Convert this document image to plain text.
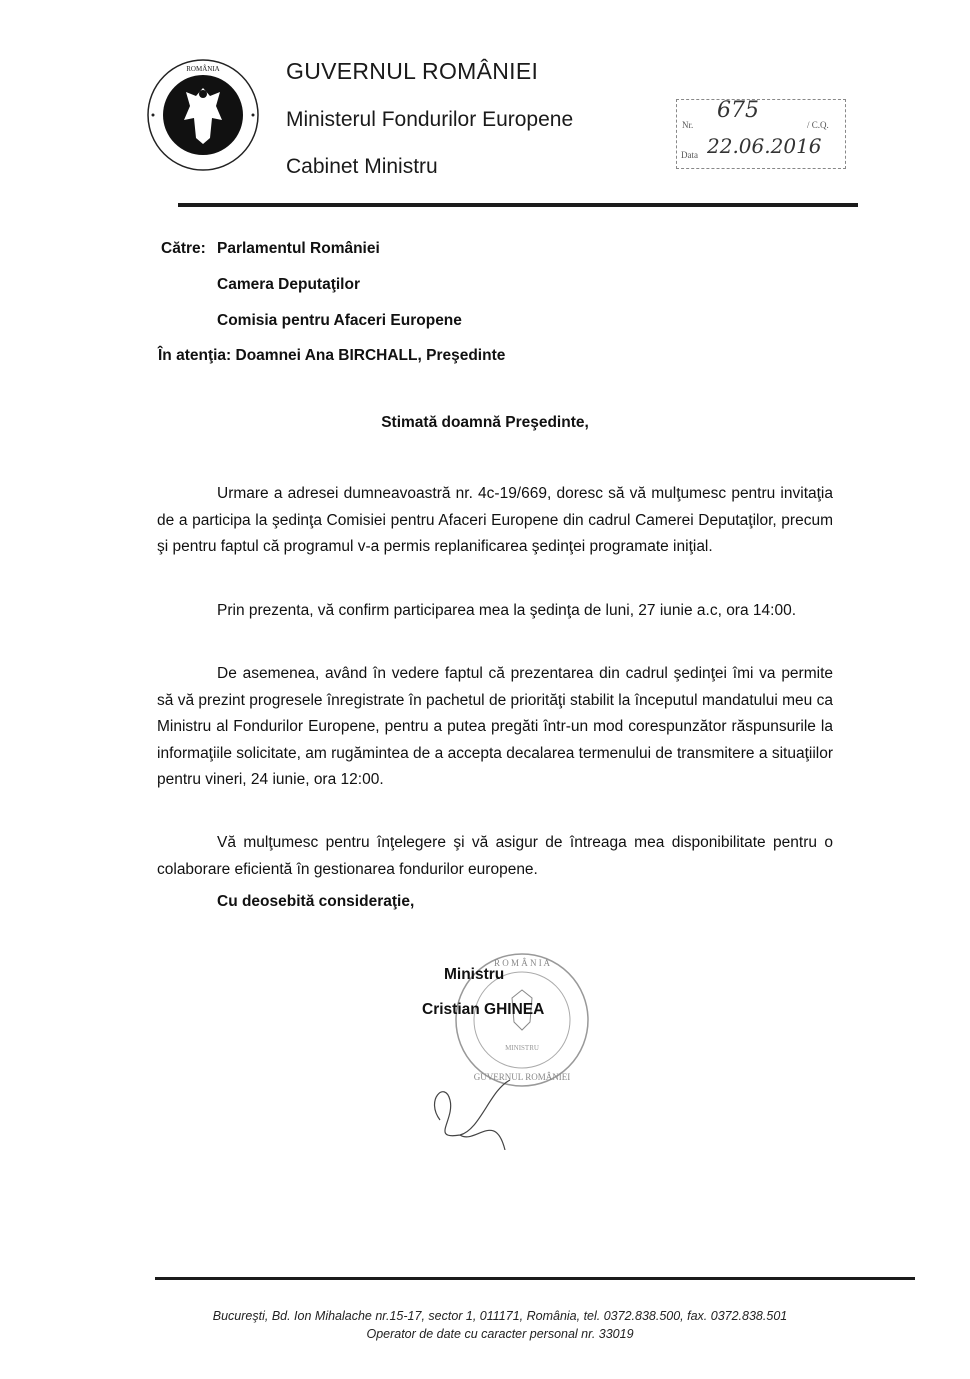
ROMÂNIA	GUVERNUL ROMÂNIEI
Ministerul Fondurilor Europene
Cabinet Ministru
Nr.
675
/ C.Q.
Data 22.06.2016
Către: Parlamentul României
Camera Deputaţilor
Comisia pentru Afaceri Europene
În atenţia: Doamnei Ana BIRCHALL, Preşedinte
Stimată doamnă Preşedinte,
Urmare a adresei dumneavoastră nr. 4c-19/669, doresc să vă mulţumesc pentru invitaţia de a participa la şedinţa Comisiei pentru Afaceri Europene din cadrul Camerei Deputaţilor, precum şi pentru faptul că programul v-a permis replanificarea şedinţei programate iniţial.
Prin prezenta, vă confirm participarea mea la şedinţa de luni, 27 iunie a.c, ora 14:00.
De asemenea, având în vedere faptul că prezentarea din cadrul şedinţei îmi va permite să vă prezint progresele înregistrate în pachetul de priorităţi stabilit la începutul mandatului meu ca Ministru al Fondurilor Europene, pentru a putea pregăti într-un mod corespunzător răspunsurile la informaţiile solicitate, am rugămintea de a accepta decalarea termenului de transmitere a situaţiilor pentru vineri, 24 iunie, ora 12:00.
Vă mulţumesc pentru înţelegere şi vă asigur de întreaga mea disponibilitate pentru o colaborare eficientă în gestionarea fondurilor europene.
Cu deosebită consideraţie,
R O M Â N I A
GUVERNUL ROMÂNIEI
MINISTRU
Ministru
Cristian GHINEA
Bucureşti, Bd. Ion Mihalache nr.15-17, sector 1, 011171, România, tel. 0372.838.500, fax. 0372.838.501
Operator de date cu caracter personal nr. 33019
